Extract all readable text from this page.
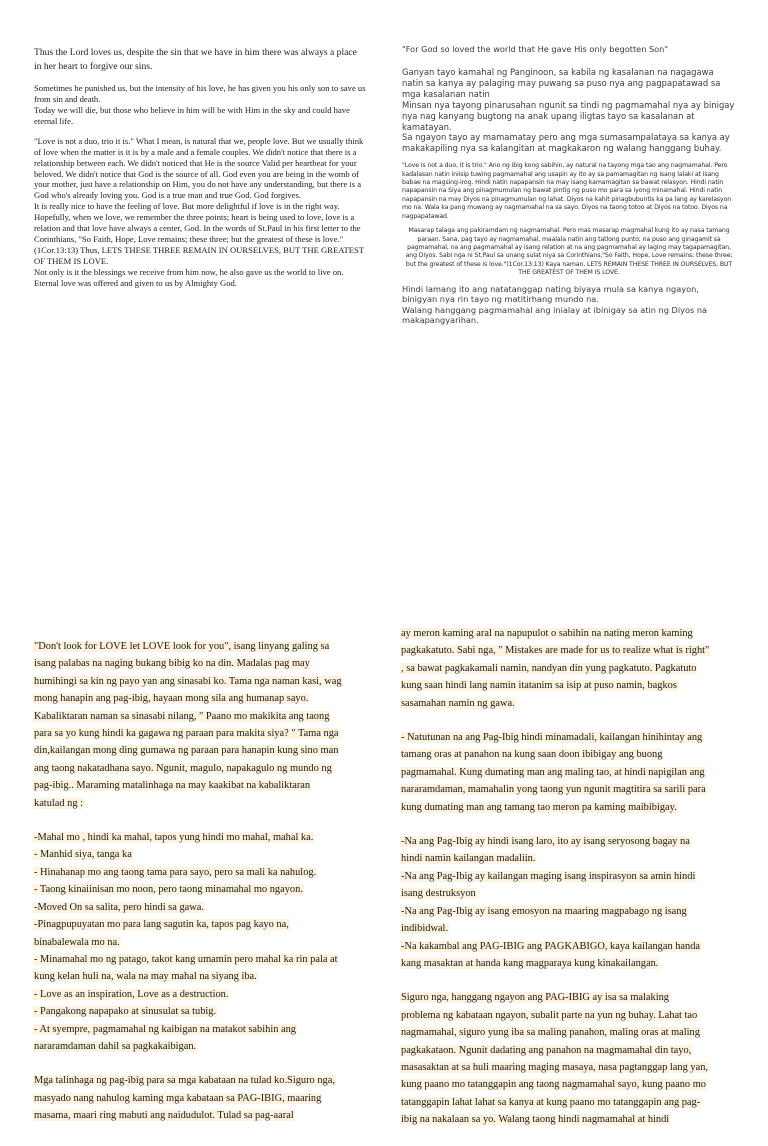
Thus the Lord loves us, despite the sin that we have in him there was always a place in her heart to forgive our sins.

Sometimes he punished us, but the intensity of his love, he has given you his only son to save us from sin and death.
Today we will die, but those who believe in him will be with Him in the sky and could have eternal life.

"Love is not a duo, trio it is." What I mean, is natural that we, people love. But we usually think of love when the matter is it is by a male and a female couples. We didn't notice that there is a relationship between each. We didn't noticed that He is the source Valid per heartbeat for your beloved. We didn't notice that God is the source of all. God even you are being in the womb of your mother, just have a relationship on Him, you do not have any understanding, but there is a God who's already loving you. God is a true man and true God. God forgives.
It is really nice to have the feeling of love. But more delightful if love is in the right way. Hopefully, when we love, we remember the three points; heart is being used to love, love is a relation and that love have always a center, God. In the words of St.Paul in his first letter to the Corinthians, "So Faith, Hope, Love remains; these three; but the greatest of these is love."(1Cor.13:13) Thus, LETS THESE THREE REMAIN IN OURSELVES, BUT THE GREATEST OF THEM IS LOVE.
Not only is it the blessings we receive from him now, he also gave us the world to live on.
Eternal love was offered and given to us by Almighty God.

"For God so loved the world that He gave His only begotten Son"

Ganyan tayo kamahal ng Panginoon, sa kabila ng kasalanan na nagagawa natin sa kanya ay palaging may puwang sa puso nya ang pagpapatawad sa mga kasalanan natin
Minsan nya tayong pinarusahan ngunit sa tindi ng pagmamahal nya ay binigay nya nag kanyang bugtong na anak upang iligtas tayo sa kasalanan at kamatayan.
Sa ngayon tayo ay mamamatay pero ang mga sumasampalataya sa kanya ay makakapiling nya sa kalangitan at magkakaron ng walang hanggang buhay.

"Love is not a duo, it is trio." Ano ng ibig kong sabihin, ay natural na tayong mga tao ang nagmamahal. Pero kadalasan natin iniisip tuwing pagmamahal ang usapin ay ito ay sa pamamagitan ng isang lalaki at isang babae na magsing-irog. Hindi natin napapansin na may isang kamamagitan sa bawat relasyon. Hindi natin napapansin na Siya ang pinagmumulan ng bawat pintig ng puso mo para sa iyong minamahal. Hindi natin napapansin na may Diyos na pinagmumulan ng lahat. Diyos na kahit pinagbubuntis ka pa lang ay karelasyon mo na. Wala ka pang muwang ay nagmamahal na sa sayo. Diyos na taong totoo at Diyos na totoo. Diyos na nagpapatawad.

Masarap talaga ang pakiramdam ng nagmamahal. Pero mas masarap magmahal kung ito ay nasa tamang paraan. Sana, pag tayo ay nagmamahal, maalala natin ang tatlong punto; na puso ang ginagamit sa pagmamahal, na ang pagmamahal ay isang relation at na ang pagmamahal ay laging may tagapamagitan, ang Diyos. Sabi nga ni St.Paul sa unang sulat niya sa Corinthians,"So Faith, Hope, Love remains; these three; but the greatest of these is love."(1Cor.13:13) Kaya naman, LETS REMAIN THESE THREE IN OURSELVES, BUT THE GREATEST OF THEM IS LOVE.

Hindi lamang ito ang natatanggap nating biyaya mula sa kanya ngayon, binigyan nya rin tayo ng matitirhang mundo na.
Walang hanggang pagmamahal ang inialay at ibinigay sa atin ng Diyos na makapangyarihan.

"Don't look for LOVE let LOVE look for you", isang linyang galing sa
isang palabas na naging bukang bibig ko na din. Madalas pag may
humihingi sa kin ng payo yan ang sinasabi ko. Tama nga naman kasi, wag
mong hanapin ang pag-ibig, hayaan mong sila ang humanap sayo.
Kabaliktaran naman sa sinasabi nilang, " Paano mo makikita ang taong
para sa yo kung hindi ka gagawa ng paraan para makita siya? " Tama nga
din,kailangan mong ding gumawa ng paraan para hanapin kung sino man
ang taong nakatadhana sayo. Ngunit, magulo, napakagulo ng mundo ng
pag-ibig.. Maraming matalinhaga na may kaakibat na kabaliktaran
katulad ng :
-Mahal mo , hindi ka mahal, tapos yung hindi mo mahal, mahal ka.
- Manhid siya, tanga ka
- Hinahanap mo ang taong tama para sayo, pero sa mali ka nahulog.
- Taong kinaiinisan mo noon, pero taong minamahal mo ngayon.
-Moved On sa salita, pero hindi sa gawa.
-Pinagpupuyatan mo para lang sagutin ka, tapos pag kayo na,
binabalewala mo na.
- Minamahal mo ng patago, takot kang umamin pero mahal ka rin pala at
kung kelan huli na, wala na may mahal na siyang iba.
- Love as an inspiration, Love as a destruction.
- Pangakong napapako at sinusulat sa tubig.
- At syempre, pagmamahal ng kaibigan na matakot sabihin ang
nararamdaman dahil sa pagkakaibigan.
Mga talinhaga ng pag-ibig para sa mga kabataan na tulad ko.Siguro nga,
masyado nang nahulog kaming mga kabataan sa PAG-IBIG, maaring
masama, maari ring mabuti ang naidudulot. Tulad sa pag-aaral
ay meron kaming aral na napupulot o sabihin na nating meron kaming
pagkakatuto. Sabi nga, " Mistakes are made for us to realize what is right"
, sa bawat pagkakamali namin, nandyan din yung pagkatuto. Pagkatuto
kung saan hindi lang namin itatanim sa isip at puso namin, bagkos
sasamahan namin ng gawa.
- Natutunan na ang Pag-Ibig hindi minamadali, kailangan hinihintay ang
tamang oras at panahon na kung saan doon ibibigay ang buong
pagmamahal. Kung dumating man ang maling tao, at hindi napigilan ang
nararamdaman, mamahalin yong taong yun ngunit magtitira sa sarili para
kung dumating man ang tamang tao meron pa kaming maibibigay.
-Na ang Pag-Ibig ay hindi isang laro, ito ay isang seryosong bagay na
hindi namin kailangan madaliin.
-Na ang Pag-Ibig ay kailangan maging isang inspirasyon sa amin hindi
isang destruksyon
-Na ang Pag-Ibig ay isang emosyon na maaring magpabago ng isang
indibidwal.
-Na kakambal ang PAG-IBIG ang PAGKABIGO, kaya kailangan handa
kang masaktan at handa kang magparaya kung kinakailangan.
Siguro nga, hanggang ngayon ang PAG-IBIG ay isa sa malaking
problema ng kabataan ngayon, subalit parte na yun ng buhay. Lahat tao
nagmamahal, siguro yung iba sa maling panahon, maling oras at maling
pagkakataon. Ngunit dadating ang panahon na magmamahal din tayo,
masasaktan at sa huli maaring maging masaya, nasa pagtanggap lang yan,
kung paano mo tatanggapin ang taong nagmamahal sayo, kung paano mo
tatanggapin lahat lahat sa kanya at kung paano mo tatanggapin ang pag-
ibig na nakalaan sa yo. Walang taong hindi nagmamahal at hindi
